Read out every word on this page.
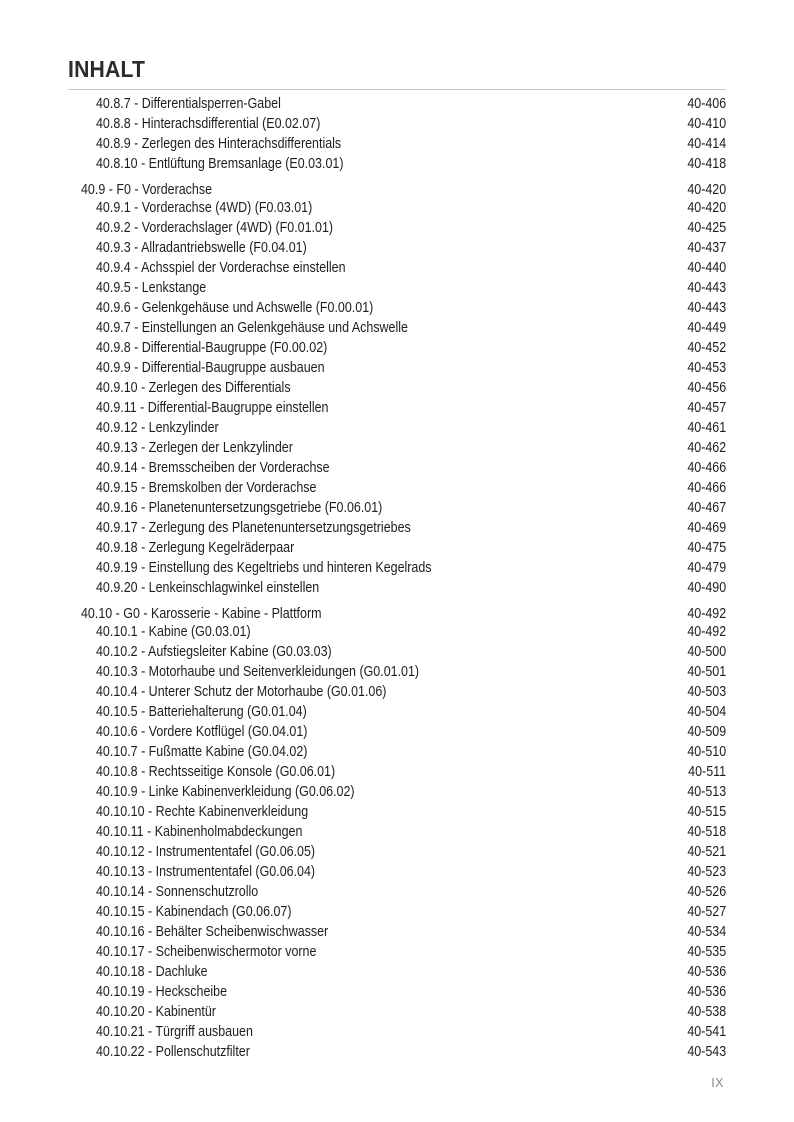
INHALT
40.8.7 - Differentialsperren-Gabel	40-406
40.8.8 - Hinterachsdifferential (E0.02.07)	40-410
40.8.9 - Zerlegen des Hinterachsdifferentials	40-414
40.8.10 - Entlüftung Bremsanlage (E0.03.01)	40-418
40.9 - F0 - Vorderachse	40-420
40.9.1 - Vorderachse (4WD) (F0.03.01)	40-420
40.9.2 - Vorderachslager (4WD) (F0.01.01)	40-425
40.9.3 - Allradantriebswelle (F0.04.01)	40-437
40.9.4 - Achsspiel der Vorderachse einstellen	40-440
40.9.5 - Lenkstange	40-443
40.9.6 - Gelenkgehäuse und Achswelle (F0.00.01)	40-443
40.9.7 - Einstellungen an Gelenkgehäuse und Achswelle	40-449
40.9.8 - Differential-Baugruppe (F0.00.02)	40-452
40.9.9 - Differential-Baugruppe ausbauen	40-453
40.9.10 - Zerlegen des Differentials	40-456
40.9.11 - Differential-Baugruppe einstellen	40-457
40.9.12 - Lenkzylinder	40-461
40.9.13 - Zerlegen der Lenkzylinder	40-462
40.9.14 - Bremsscheiben der Vorderachse	40-466
40.9.15 - Bremskolben der Vorderachse	40-466
40.9.16 - Planetenuntersetzungsgetriebe (F0.06.01)	40-467
40.9.17 - Zerlegung des Planetenuntersetzungsgetriebes	40-469
40.9.18 - Zerlegung Kegelräderpaar	40-475
40.9.19 - Einstellung des Kegeltriebs und hinteren Kegelrads	40-479
40.9.20 - Lenkeinschlagwinkel einstellen	40-490
40.10 - G0 - Karosserie - Kabine - Plattform	40-492
40.10.1 - Kabine (G0.03.01)	40-492
40.10.2 - Aufstiegsleiter Kabine (G0.03.03)	40-500
40.10.3 - Motorhaube und Seitenverkleidungen (G0.01.01)	40-501
40.10.4 - Unterer Schutz der Motorhaube (G0.01.06)	40-503
40.10.5 - Batteriehalterung (G0.01.04)	40-504
40.10.6 - Vordere Kotflügel (G0.04.01)	40-509
40.10.7 - Fußmatte Kabine (G0.04.02)	40-510
40.10.8 - Rechtsseitige Konsole (G0.06.01)	40-511
40.10.9 - Linke Kabinenverkleidung (G0.06.02)	40-513
40.10.10 - Rechte Kabinenverkleidung	40-515
40.10.11 - Kabinenholmabdeckungen	40-518
40.10.12 - Instrumententafel (G0.06.05)	40-521
40.10.13 - Instrumententafel (G0.06.04)	40-523
40.10.14 - Sonnenschutzrollo	40-526
40.10.15 - Kabinendach (G0.06.07)	40-527
40.10.16 - Behälter Scheibenwischwasser	40-534
40.10.17 - Scheibenwischermotor vorne	40-535
40.10.18 - Dachluke	40-536
40.10.19 - Heckscheibe	40-536
40.10.20 - Kabinentür	40-538
40.10.21 - Türgriff ausbauen	40-541
40.10.22 - Pollenschutzfilter	40-543
IX
